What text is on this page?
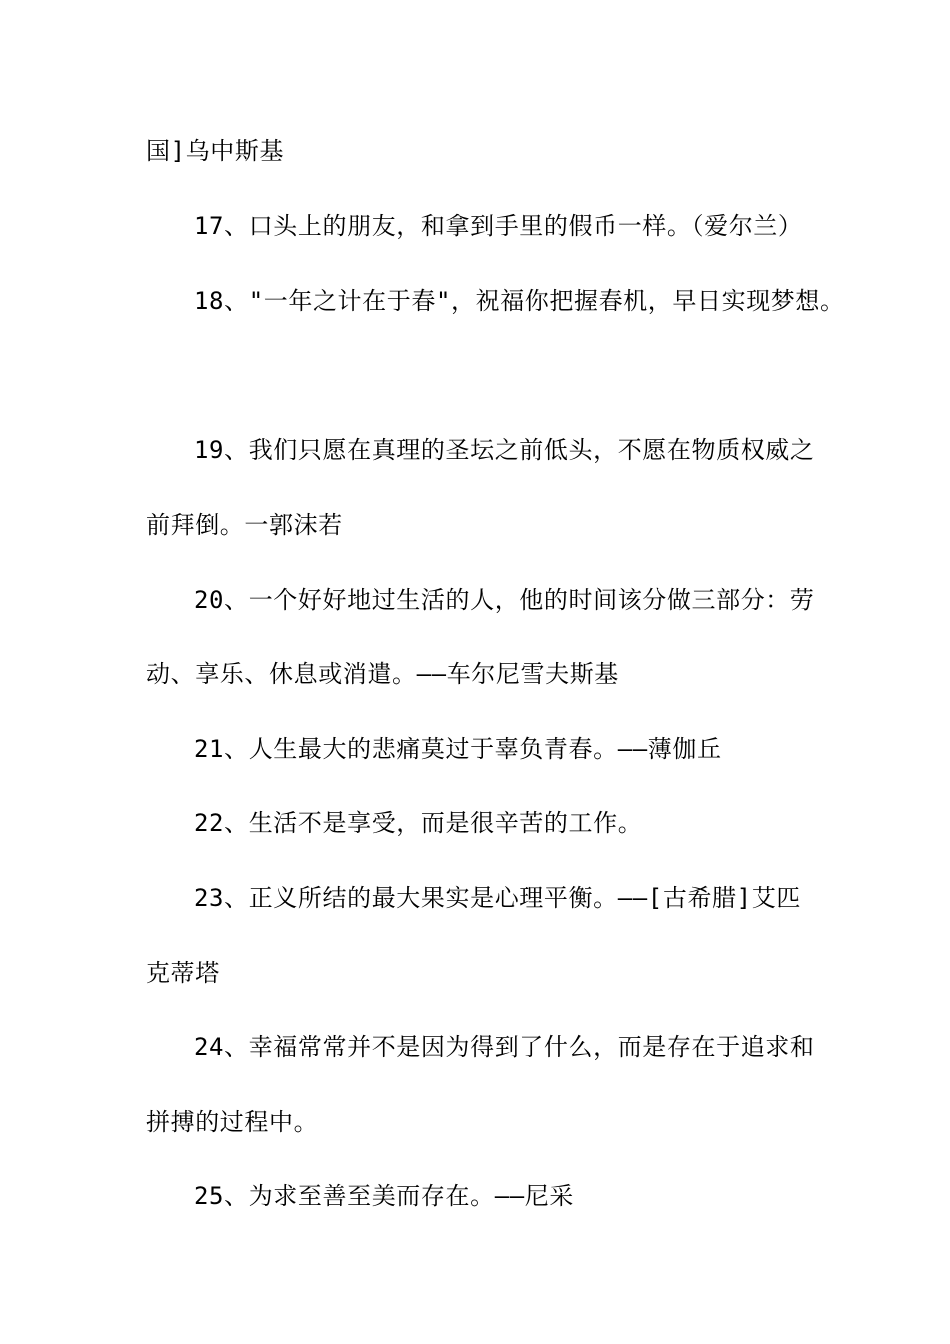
国]乌中斯基
17、口头上的朋友，和拿到手里的假币一样。（爱尔兰）
18、"一年之计在于春"，祝福你把握春机，早日实现梦想。
19、我们只愿在真理的圣坛之前低头，不愿在物质权威之
前拜倒。一郭沫若
20、一个好好地过生活的人，他的时间该分做三部分：劳
动、享乐、休息或消遣。——车尔尼雪夫斯基
21、人生最大的悲痛莫过于辜负青春。——薄伽丘
22、生活不是享受，而是很辛苦的工作。
23、正义所结的最大果实是心理平衡。——[古希腊]艾匹
克蒂塔
24、幸福常常并不是因为得到了什么，而是存在于追求和
拼搏的过程中。
25、为求至善至美而存在。——尼采
